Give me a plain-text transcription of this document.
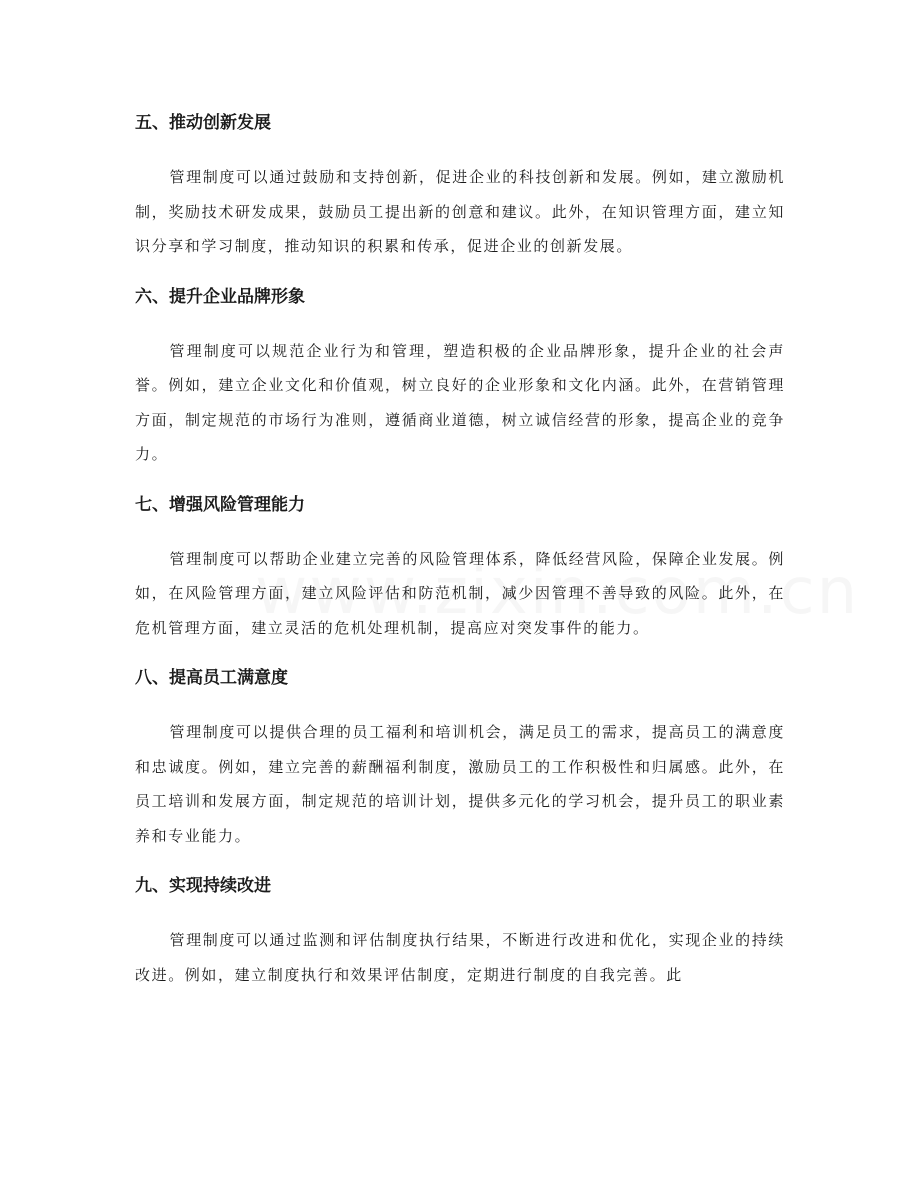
五、推动创新发展

管理制度可以通过鼓励和支持创新，促进企业的科技创新和发展。例如，建立激励机制，奖励技术研发成果，鼓励员工提出新的创意和建议。此外，在知识管理方面，建立知识分享和学习制度，推动知识的积累和传承，促进企业的创新发展。

六、提升企业品牌形象

管理制度可以规范企业行为和管理，塑造积极的企业品牌形象，提升企业的社会声誉。例如，建立企业文化和价值观，树立良好的企业形象和文化内涵。此外，在营销管理方面，制定规范的市场行为准则，遵循商业道德，树立诚信经营的形象，提高企业的竞争力。

七、增强风险管理能力

管理制度可以帮助企业建立完善的风险管理体系，降低经营风险，保障企业发展。例如，在风险管理方面，建立风险评估和防范机制，减少因管理不善导致的风险。此外，在危机管理方面，建立灵活的危机处理机制，提高应对突发事件的能力。

八、提高员工满意度

管理制度可以提供合理的员工福利和培训机会，满足员工的需求，提高员工的满意度和忠诚度。例如，建立完善的薪酬福利制度，激励员工的工作积极性和归属感。此外，在员工培训和发展方面，制定规范的培训计划，提供多元化的学习机会，提升员工的职业素养和专业能力。

九、实现持续改进

管理制度可以通过监测和评估制度执行结果，不断进行改进和优化，实现企业的持续改进。例如，建立制度执行和效果评估制度，定期进行制度的自我完善。此
